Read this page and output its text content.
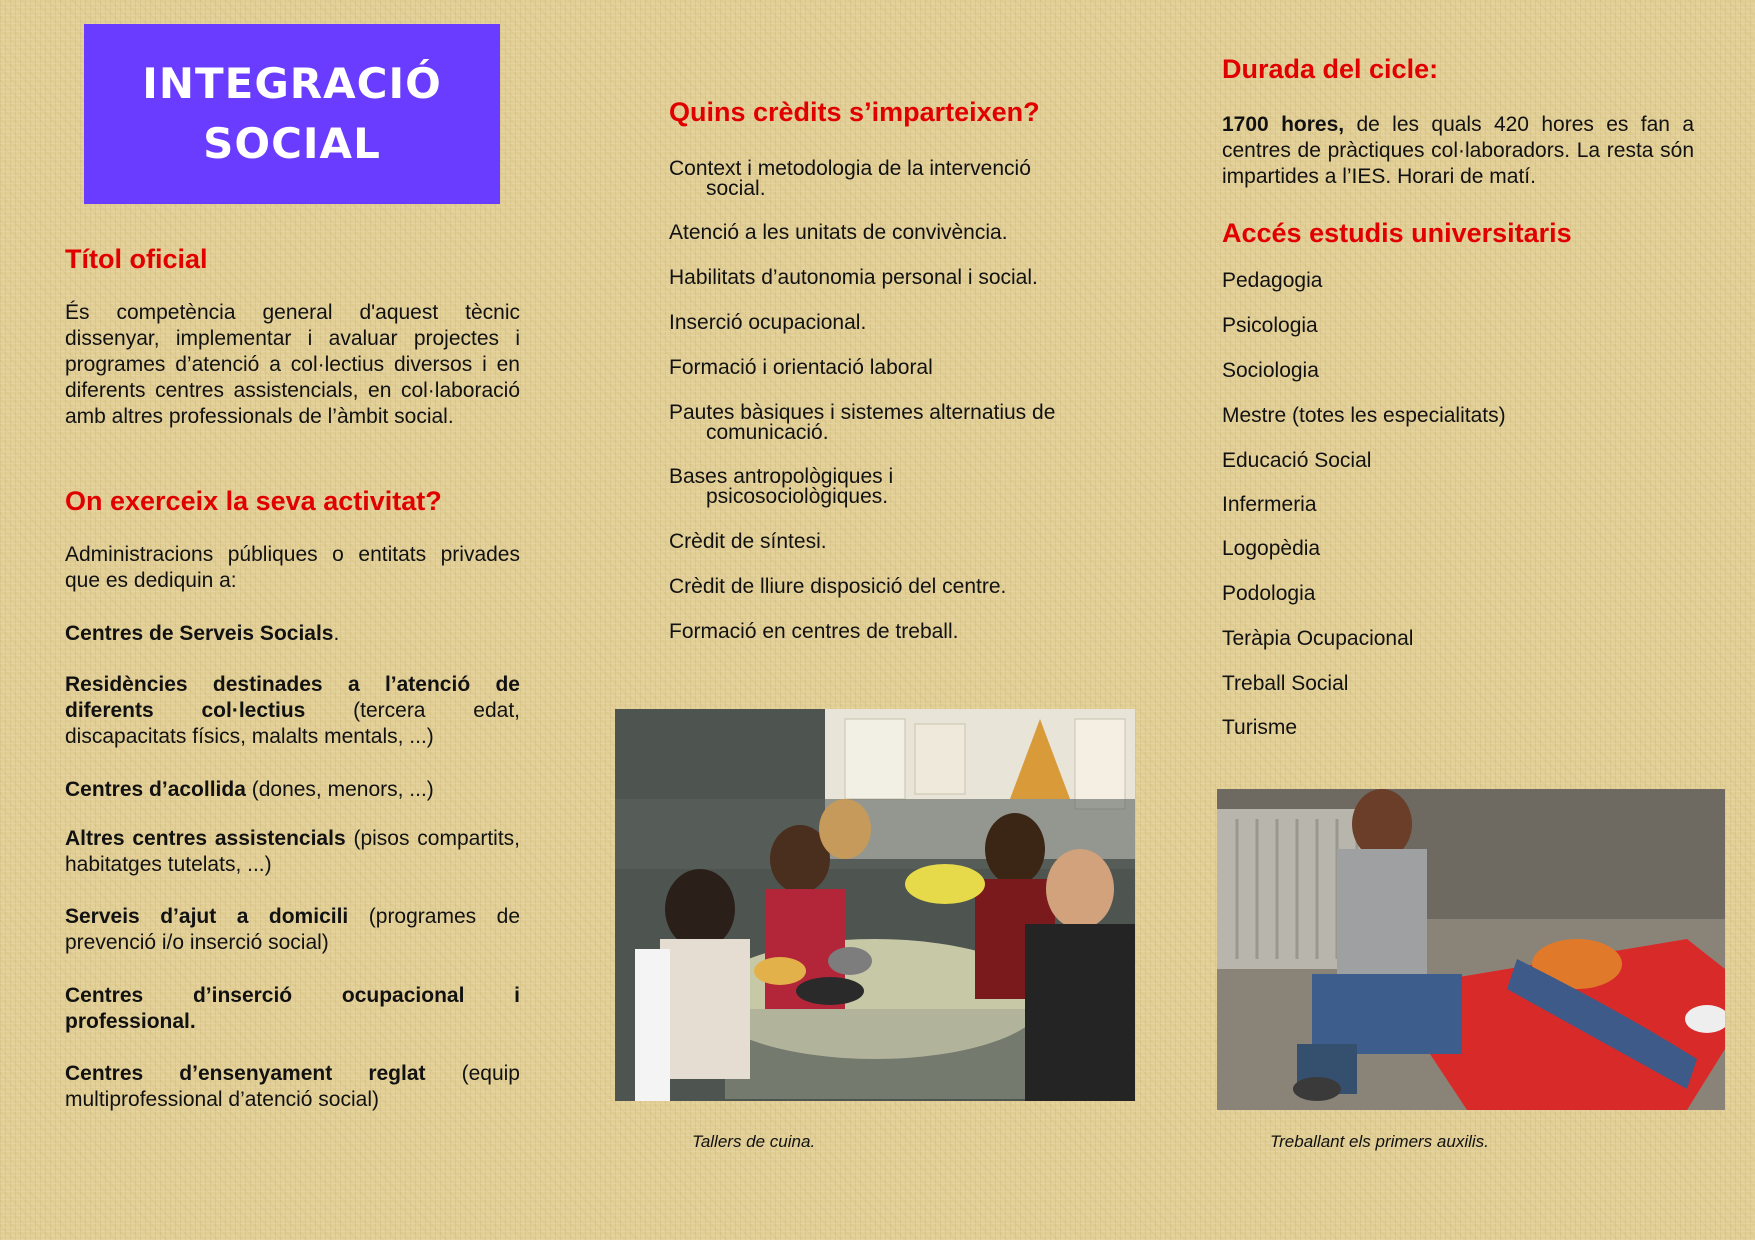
INTEGRACIÓ
SOCIAL
Títol oficial

És competència general d'aquest tècnic dissenyar, implementar i avaluar projectes i programes d’atenció a col·lectius diversos i en diferents centres assistencials, en col·laboració amb altres professionals de l’àmbit social.

On exerceix la seva activitat?

Administracions públiques o entitats privades que es dediquin a:

Centres de Serveis Socials.

Residències destinades a l’atenció de diferents col·lectius (tercera edat, discapacitats físics, malalts mentals, ...)

Centres d’acollida (dones, menors, ...)

Altres centres assistencials (pisos compartits, habitatges tutelats, ...)

Serveis d’ajut a domicili (programes de prevenció i/o inserció social)

Centres d’inserció ocupacional i professional.

Centres d’ensenyament reglat (equip multiprofessional d’atenció social)

Quins crèdits s’imparteixen?

Context i metodologia de la intervenció
social.

Atenció a les unitats de convivència.

Habilitats d’autonomia personal i social.

Inserció ocupacional.

Formació i orientació laboral

Pautes bàsiques i sistemes alternatius de
comunicació.

Bases antropològiques i
psicosociològiques.

Crèdit de síntesi.

Crèdit de lliure disposició del centre.

Formació en centres de treball.

Tallers de cuina.

Durada del cicle:

1700 hores, de les quals 420 hores es fan a centres de pràctiques col·laboradors. La resta són impartides a l’IES. Horari de matí.

Accés estudis universitaris

Pedagogia

Psicologia

Sociologia

Mestre (totes les especialitats)

Educació Social

Infermeria

Logopèdia

Podologia

Teràpia Ocupacional

Treball Social

Turisme

Treballant els primers auxilis.
